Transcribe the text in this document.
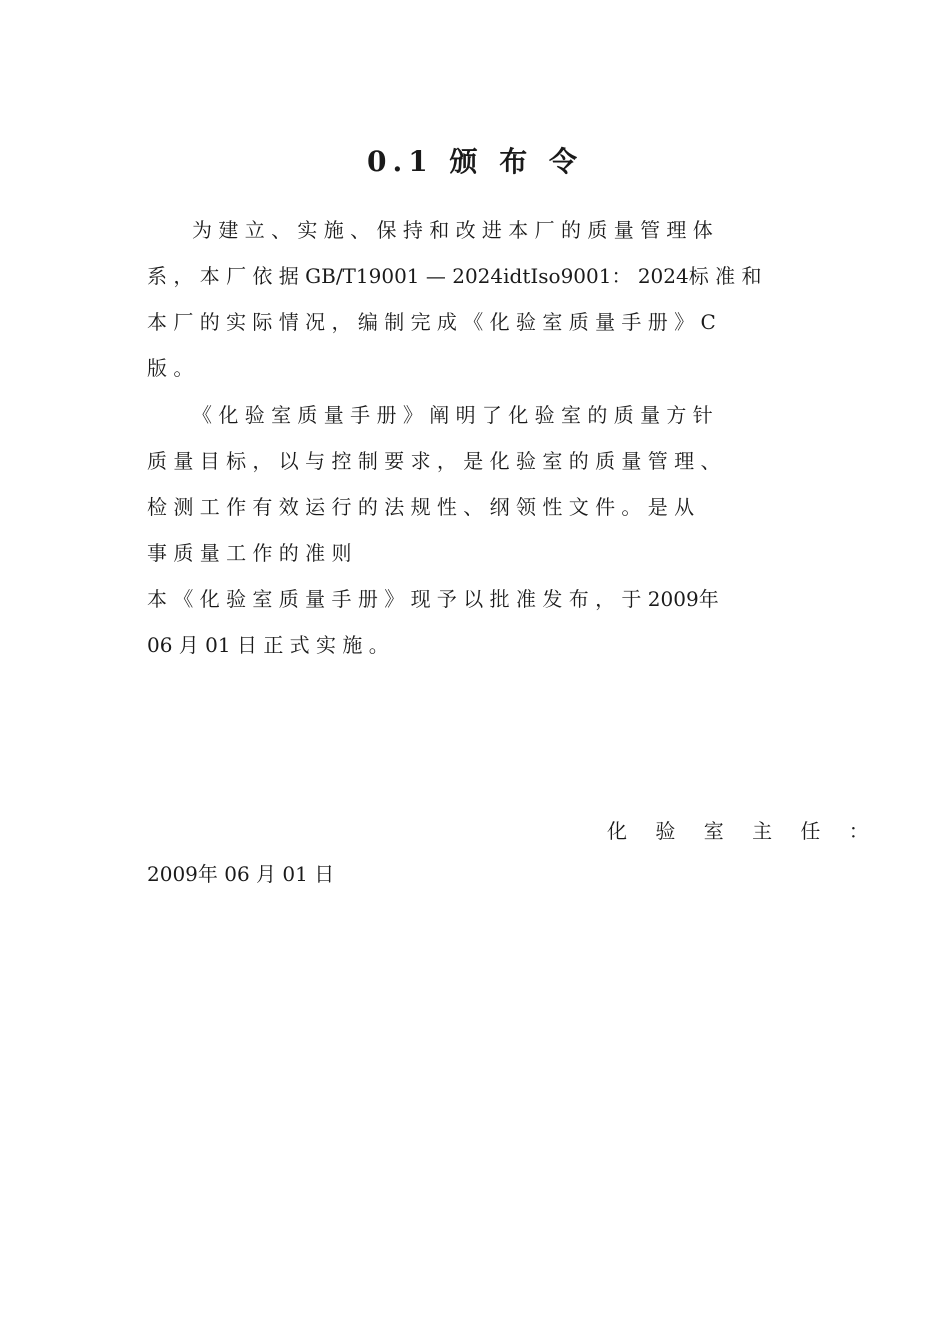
0.1 颁 布 令
为 建 立 、 实 施 、 保 持 和 改 进 本 厂 的 质 量 管 理 体
系 ， 本 厂 依 据 GB/T19001 — 2024idtIso9001： 2024标 准 和
本 厂 的 实 际 情 况 ， 编 制 完 成 《 化 验 室 质 量 手 册 》 C
版 。
《 化 验 室 质 量 手 册 》 阐 明 了 化 验 室 的 质 量 方 针
质 量 目 标 ， 以 与 控 制 要 求 ， 是 化 验 室 的 质 量 管 理 、
检 测 工 作 有 效 运 行 的 法 规 性 、 纲 领 性 文 件 。 是 从
事 质 量 工 作 的 准 则
本 《 化 验 室 质 量 手 册 》 现 予 以 批 准 发 布 ， 于 2009年
06 月 01 日 正 式 实 施 。
化 验 室 主 任 ：
2009年 06 月 01 日
